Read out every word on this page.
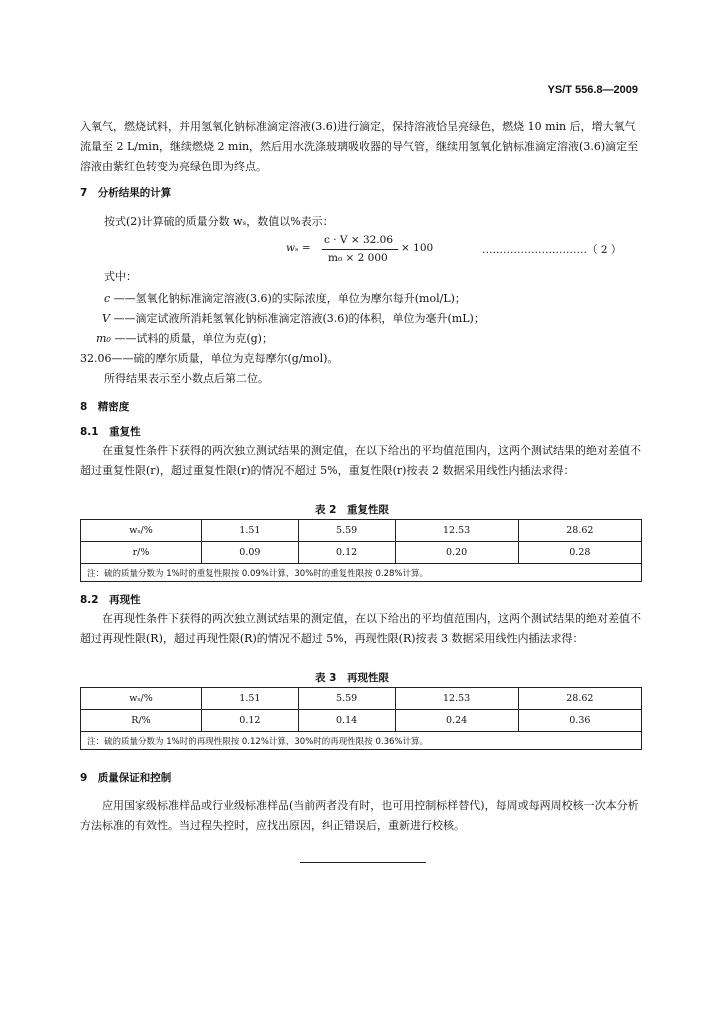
YS/T 556.8—2009
入氧气，燃烧试料，并用氢氧化钠标准滴定溶液(3.6)进行滴定，保持溶液恰呈亮绿色，燃烧 10 min 后，增大氧气流量至 2 L/min，继续燃烧 2 min，然后用水洗涤玻璃吸收器的导气管，继续用氢氧化钠标准滴定溶液(3.6)滴定至溶液由紫红色转变为亮绿色即为终点。
7　分析结果的计算
按式(2)计算硫的质量分数 wₛ，数值以%表示：
wₛ =
c · V × 32.06
m₀ × 2 000
× 100	…………………………（ 2 ）
式中：
c ——氢氧化钠标准滴定溶液(3.6)的实际浓度，单位为摩尔每升(mol/L)；
V ——滴定试液所消耗氢氧化钠标准滴定溶液(3.6)的体积，单位为毫升(mL)；
m₀ ——试料的质量，单位为克(g)；
32.06——硫的摩尔质量，单位为克每摩尔(g/mol)。
所得结果表示至小数点后第二位。
8　精密度
8.1　重复性
在重复性条件下获得的两次独立测试结果的测定值，在以下给出的平均值范围内，这两个测试结果的绝对差值不超过重复性限(r)，超过重复性限(r)的情况不超过 5%，重复性限(r)按表 2 数据采用线性内插法求得：
表 2　重复性限
wₛ/%	1.51	5.59	12.53	28.62
r/%	0.09	0.12	0.20	0.28
注：硫的质量分数为 1%时的重复性限按 0.09%计算，30%时的重复性限按 0.28%计算。				
8.2　再现性
在再现性条件下获得的两次独立测试结果的测定值，在以下给出的平均值范围内，这两个测试结果的绝对差值不超过再现性限(R)，超过再现性限(R)的情况不超过 5%，再现性限(R)按表 3 数据采用线性内插法求得：
表 3　再现性限
wₛ/%	1.51	5.59	12.53	28.62
R/%	0.12	0.14	0.24	0.36
注：硫的质量分数为 1%时的再现性限按 0.12%计算，30%时的再现性限按 0.36%计算。				
9　质量保证和控制
应用国家级标准样品或行业级标准样品(当前两者没有时，也可用控制标样替代)，每周或每两周校核一次本分析方法标准的有效性。当过程失控时，应找出原因，纠正错误后，重新进行校核。
